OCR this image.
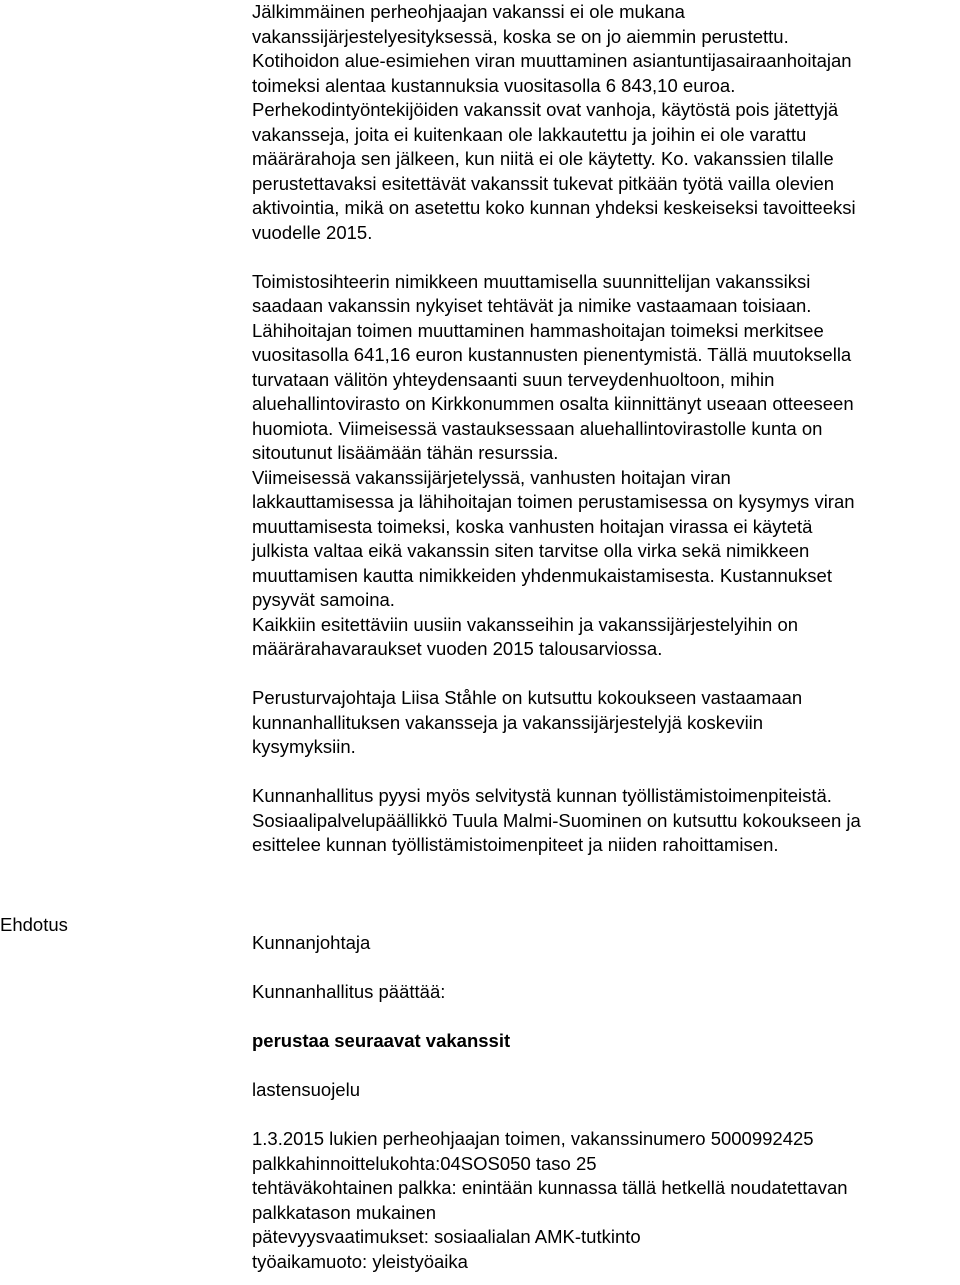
Jälkimmäinen perheohjaajan vakanssi ei ole mukana
vakanssijärjestelyesityksessä, koska se on jo aiemmin perustettu.
Kotihoidon alue-esimiehen viran muuttaminen asiantuntijasairaanhoitajan
toimeksi alentaa kustannuksia vuositasolla 6 843,10 euroa.
Perhekodintyöntekijöiden vakanssit ovat vanhoja, käytöstä pois jätettyjä
vakansseja, joita ei kuitenkaan ole lakkautettu ja joihin ei ole varattu
määrärahoja sen jälkeen, kun niitä ei ole käytetty. Ko. vakanssien tilalle
perustettavaksi esitettävät vakanssit tukevat pitkään työtä vailla olevien
aktivointia, mikä on asetettu koko kunnan yhdeksi keskeiseksi tavoitteeksi
vuodelle 2015.
Toimistosihteerin nimikkeen muuttamisella suunnittelijan vakanssiksi
saadaan vakanssin nykyiset tehtävät ja nimike vastaamaan toisiaan.
Lähihoitajan toimen muuttaminen hammashoitajan toimeksi merkitsee
vuositasolla 641,16 euron kustannusten pienentymistä. Tällä muutoksella
turvataan välitön yhteydensaanti suun terveydenhuoltoon, mihin
aluehallintovirasto on Kirkkonummen osalta kiinnittänyt useaan otteeseen
huomiota. Viimeisessä vastauksessaan aluehallintovirastolle kunta on
sitoutunut lisäämään tähän resurssia.
Viimeisessä vakanssijärjetelyssä, vanhusten hoitajan viran
lakkauttamisessa ja lähihoitajan toimen perustamisessa on kysymys viran
muuttamisesta toimeksi, koska vanhusten hoitajan virassa ei käytetä
julkista valtaa eikä vakanssin siten tarvitse olla virka sekä nimikkeen
muuttamisen kautta nimikkeiden yhdenmukaistamisesta. Kustannukset
pysyvät samoina.
Kaikkiin esitettäviin uusiin vakansseihin ja vakanssijärjestelyihin on
määrärahavaraukset vuoden 2015 talousarviossa.
Perusturvajohtaja Liisa Ståhle on kutsuttu kokoukseen vastaamaan
kunnanhallituksen vakansseja ja vakanssijärjestelyjä koskeviin
kysymyksiin.
Kunnanhallitus pyysi myös selvitystä kunnan työllistämistoimenpiteistä.
Sosiaalipalvelupäällikkö Tuula Malmi-Suominen on kutsuttu kokoukseen ja
esittelee kunnan työllistämistoimenpiteet ja niiden rahoittamisen.
Kunnanjohtaja
Kunnanhallitus päättää:
perustaa seuraavat vakanssit
lastensuojelu
1.3.2015 lukien perheohjaajan toimen, vakanssinumero 5000992425
palkkahinnoittelukohta:04SOS050 taso 25
tehtäväkohtainen palkka: enintään kunnassa tällä hetkellä noudatettavan
palkkatason mukainen
pätevyysvaatimukset: sosiaalialan AMK-tutkinto
työaikamuoto: yleistyöaika
Ehdotus
